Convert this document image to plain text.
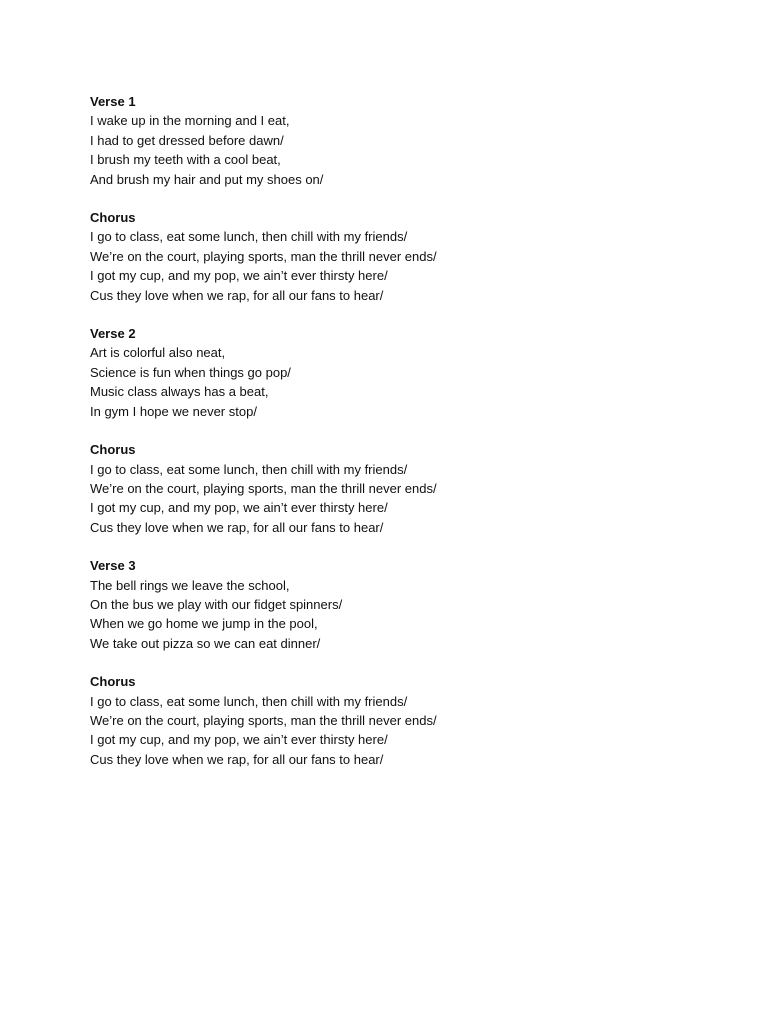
Verse 1

I wake up in the morning and I eat,

I had to get dressed before dawn/

I brush my teeth with a cool beat,

And brush my hair and put my shoes on/

Chorus

I go to class, eat some lunch, then chill with my friends/

We’re on the court, playing sports, man the thrill never ends/

I got my cup, and my pop, we ain’t ever thirsty here/

Cus they love when we rap, for all our fans to hear/

Verse 2

Art is colorful also neat,

Science is fun when things go pop/

Music class always has a beat,

In gym I hope we never stop/

Chorus

I go to class, eat some lunch, then chill with my friends/

We’re on the court, playing sports, man the thrill never ends/

I got my cup, and my pop, we ain’t ever thirsty here/

Cus they love when we rap, for all our fans to hear/

Verse 3

The bell rings we leave the school,

On the bus we play with our fidget spinners/

When we go home we jump in the pool,

We take out pizza so we can eat dinner/

Chorus

I go to class, eat some lunch, then chill with my friends/

We’re on the court, playing sports, man the thrill never ends/

I got my cup, and my pop, we ain’t ever thirsty here/

Cus they love when we rap, for all our fans to hear/
